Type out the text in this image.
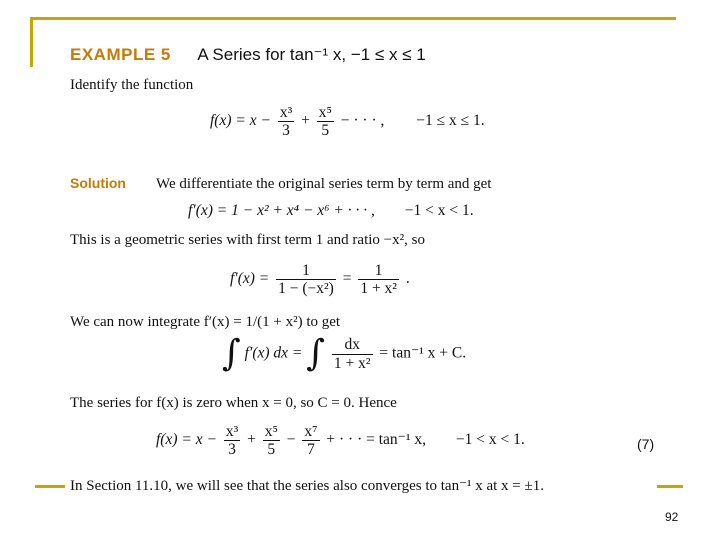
EXAMPLE 5 A Series for tan⁻¹ x, −1 ≤ x ≤ 1
Identify the function
$f(x) = x - \frac{\text{x³}}{3} + \frac{\text{x⁵}}{5}$ − · · · , −1 ≤ x ≤ 1.
Solution We differentiate the original series term by term and get
f′(x) = 1 − x² + x⁴ − x⁶ + · · · , −1 < x < 1.
This is a geometric series with first term 1 and ratio −x², so
$f'(x) = \frac{1}{\text{1 − (−x²)}} = \frac{1}{\text{1 + x²}}$ .
We can now integrate f′(x) = 1/(1 + x²) to get
∫ f′(x) dx = ∫ $\frac{dx}{\text{1 + x²}} = \tan^{-1}$ x + C.
The series for f(x) is zero when x = 0, so C = 0. Hence
$f(x) = x - \frac{\text{x³}}{3} + \frac{\text{x⁵}}{5} - \frac{\text{x⁷}}{7}$ + · · · = tan⁻¹ x, −1 < x < 1.	(7)
In Section 11.10, we will see that the series also converges to tan⁻¹ x at x = ±1.
92
